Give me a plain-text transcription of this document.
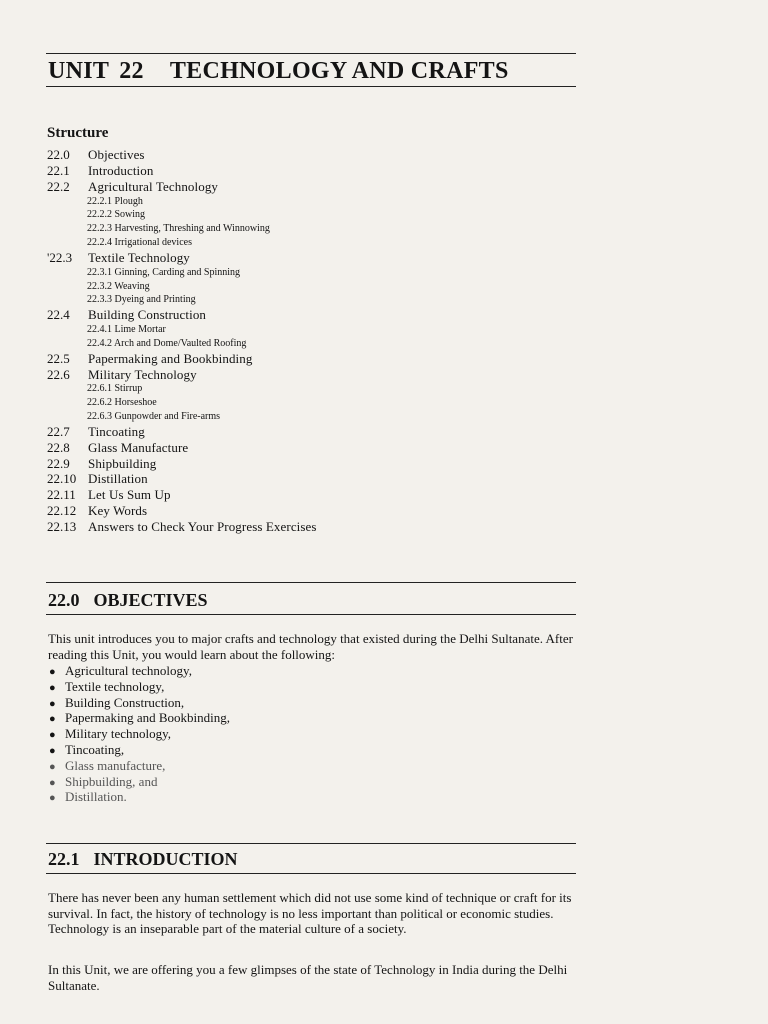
UNIT 22 TECHNOLOGY AND CRAFTS
Structure
22.0 Objectives
22.1 Introduction
22.2 Agricultural Technology
22.2.1 Plough
22.2.2 Sowing
22.2.3 Harvesting, Threshing and Winnowing
22.2.4 Irrigational devices
'22.3 Textile Technology
22.3.1 Ginning, Carding and Spinning
22.3.2 Weaving
22.3.3 Dyeing and Printing
22.4 Building Construction
22.4.1 Lime Mortar
22.4.2 Arch and Dome/Vaulted Roofing
22.5 Papermaking and Bookbinding
22.6 Military Technology
22.6.1 Stirrup
22.6.2 Horseshoe
22.6.3 Gunpowder and Fire-arms
22.7 Tincoating
22.8 Glass Manufacture
22.9 Shipbuilding
22.10 Distillation
22.11 Let Us Sum Up
22.12 Key Words
22.13 Answers to Check Your Progress Exercises
22.0 OBJECTIVES

This unit introduces you to major crafts and technology that existed during the Delhi Sultanate. After reading this Unit, you would learn about the following:

● Agricultural technology,
● Textile technology,
● Building Construction,
● Papermaking and Bookbinding,
● Military technology,
● Tincoating,
● Glass manufacture,
● Shipbuilding, and
● Distillation.
22.1 INTRODUCTION

There has never been any human settlement which did not use some kind of technique or craft for its survival. In fact, the history of technology is no less important than political or economic studies. Technology is an inseparable part of the material culture of a society.

In this Unit, we are offering you a few glimpses of the state of Technology in India during the Delhi Sultanate.
